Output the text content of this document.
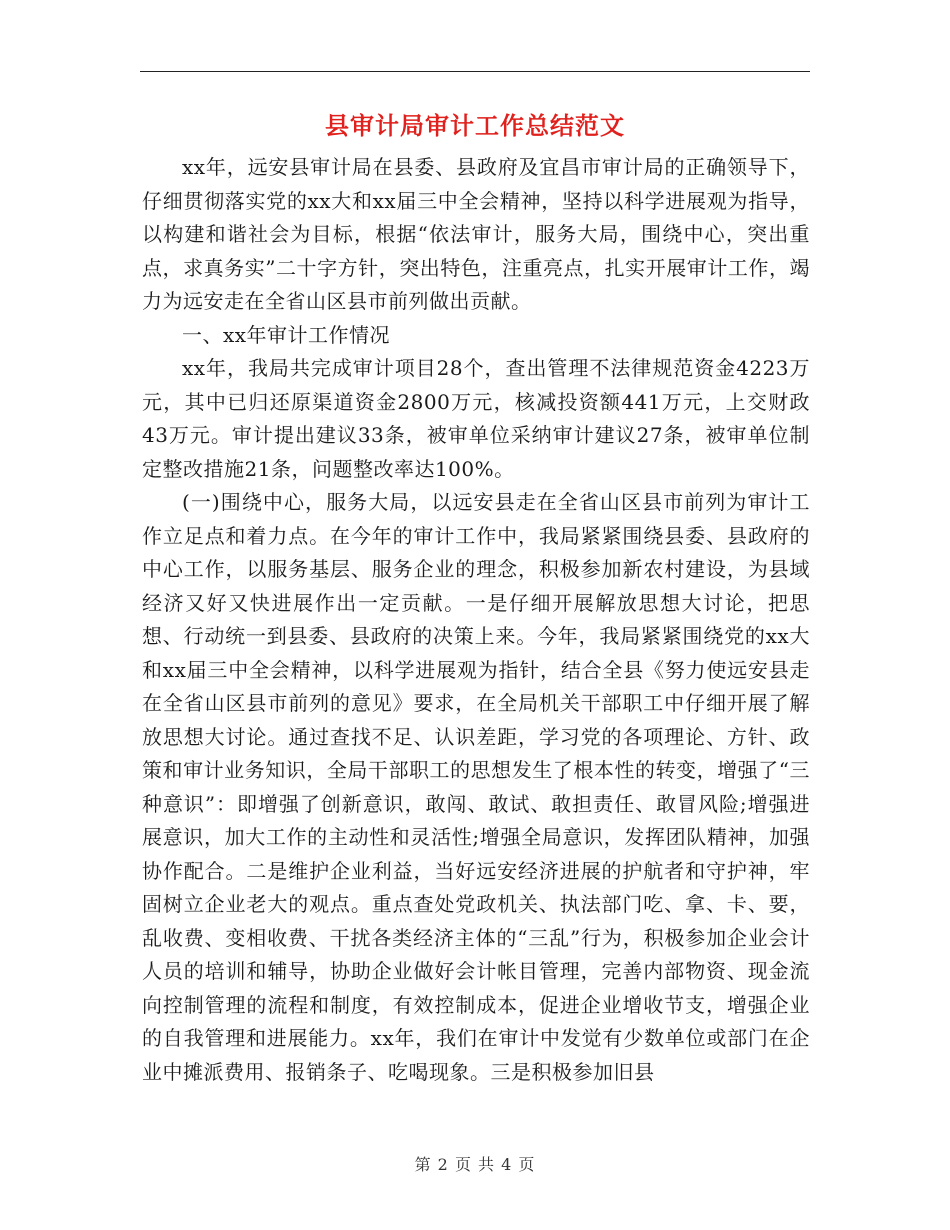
县审计局审计工作总结范文

xx年，远安县审计局在县委、县政府及宜昌市审计局的正确领导下，仔细贯彻落实党的xx大和xx届三中全会精神，坚持以科学进展观为指导，以构建和谐社会为目标，根据“依法审计，服务大局，围绕中心，突出重点，求真务实”二十字方针，突出特色，注重亮点，扎实开展审计工作，竭力为远安走在全省山区县市前列做出贡献。

一、xx年审计工作情况

xx年，我局共完成审计项目28个，查出管理不法律规范资金4223万元，其中已归还原渠道资金2800万元，核减投资额441万元，上交财政43万元。审计提出建议33条，被审单位采纳审计建议27条，被审单位制定整改措施21条，问题整改率达100%。

(一)围绕中心，服务大局，以远安县走在全省山区县市前列为审计工作立足点和着力点。在今年的审计工作中，我局紧紧围绕县委、县政府的中心工作，以服务基层、服务企业的理念，积极参加新农村建设，为县域经济又好又快进展作出一定贡献。一是仔细开展解放思想大讨论，把思想、行动统一到县委、县政府的决策上来。今年，我局紧紧围绕党的xx大和xx届三中全会精神，以科学进展观为指针，结合全县《努力使远安县走在全省山区县市前列的意见》要求，在全局机关干部职工中仔细开展了解放思想大讨论。通过查找不足、认识差距，学习党的各项理论、方针、政策和审计业务知识，全局干部职工的思想发生了根本性的转变，增强了“三种意识”：即增强了创新意识，敢闯、敢试、敢担责任、敢冒风险;增强进展意识，加大工作的主动性和灵活性;增强全局意识，发挥团队精神，加强协作配合。二是维护企业利益，当好远安经济进展的护航者和守护神，牢固树立企业老大的观点。重点查处党政机关、执法部门吃、拿、卡、要，乱收费、变相收费、干扰各类经济主体的“三乱”行为，积极参加企业会计人员的培训和辅导，协助企业做好会计帐目管理，完善内部物资、现金流向控制管理的流程和制度，有效控制成本，促进企业增收节支，增强企业的自我管理和进展能力。xx年，我们在审计中发觉有少数单位或部门在企业中摊派费用、报销条子、吃喝现象。三是积极参加旧县

第 2 页 共 4 页
